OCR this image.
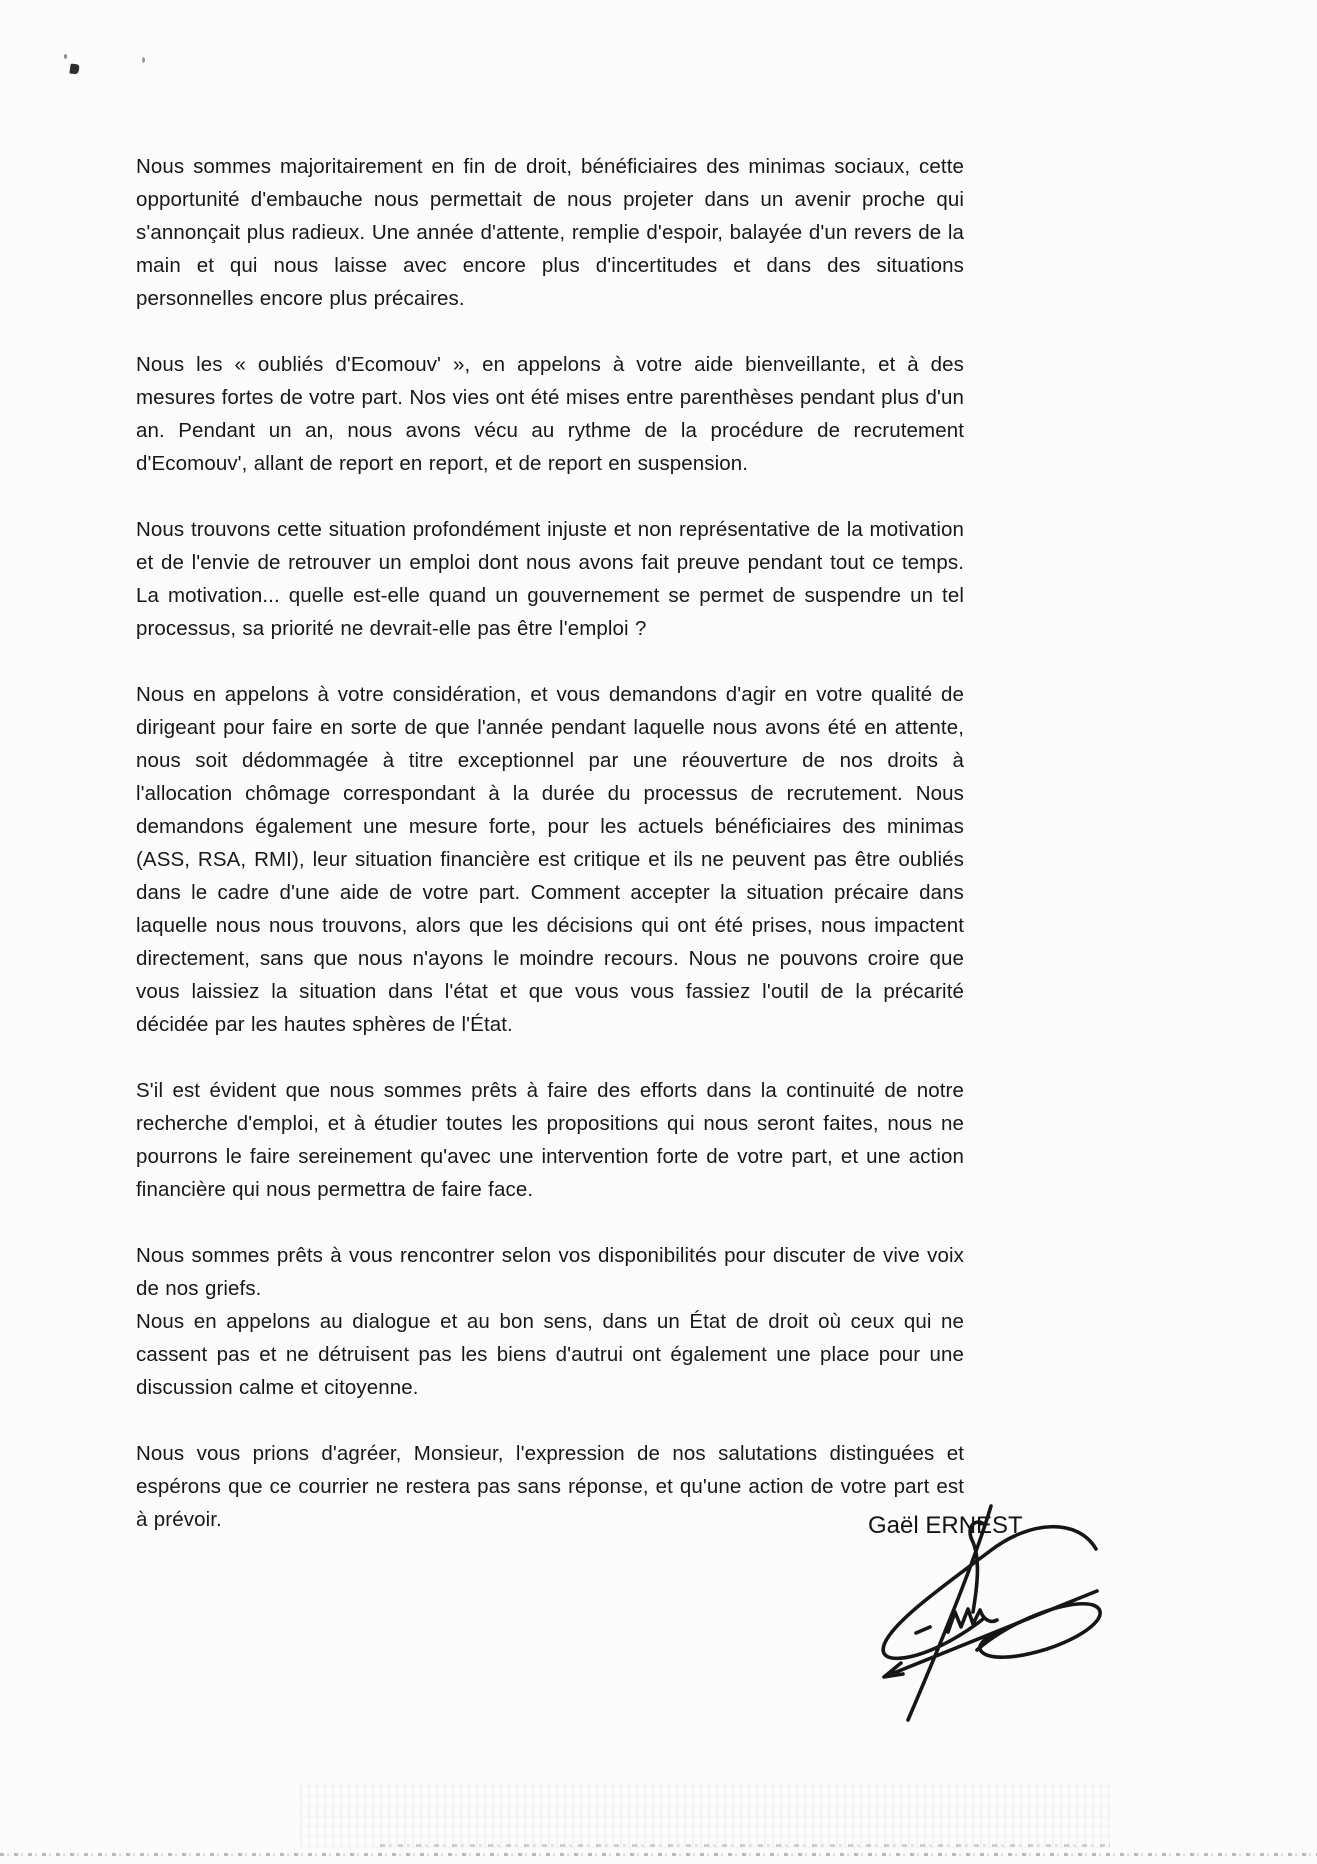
Nous sommes majoritairement en fin de droit, bénéficiaires des minimas sociaux, cette opportunité d'embauche nous permettait de nous projeter dans un avenir proche qui s'annonçait plus radieux. Une année d'attente, remplie d'espoir, balayée d'un revers de la main et qui nous laisse avec encore plus d'incertitudes et dans des situations personnelles encore plus précaires.

Nous les « oubliés d'Ecomouv' », en appelons à votre aide bienveillante, et à des mesures fortes de votre part. Nos vies ont été mises entre parenthèses pendant plus d'un an. Pendant un an, nous avons vécu au rythme de la procédure de recrutement d'Ecomouv', allant de report en report, et de report en suspension.

Nous trouvons cette situation profondément injuste et non représentative de la motivation et de l'envie de retrouver un emploi dont nous avons fait preuve pendant tout ce temps. La motivation... quelle est-elle quand un gouvernement se permet de suspendre un tel processus, sa priorité ne devrait-elle pas être l'emploi ?

Nous en appelons à votre considération, et vous demandons d'agir en votre qualité de dirigeant pour faire en sorte de que l'année pendant laquelle nous avons été en attente, nous soit dédommagée à titre exceptionnel par une réouverture de nos droits à l'allocation chômage correspondant à la durée du processus de recrutement. Nous demandons également une mesure forte, pour les actuels bénéficiaires des minimas (ASS, RSA, RMI), leur situation financière est critique et ils ne peuvent pas être oubliés dans le cadre d'une aide de votre part. Comment accepter la situation précaire dans laquelle nous nous trouvons, alors que les décisions qui ont été prises, nous impactent directement, sans que nous n'ayons le moindre recours. Nous ne pouvons croire que vous laissiez la situation dans l'état et que vous vous fassiez l'outil de la précarité décidée par les hautes sphères de l'État.

S'il est évident que nous sommes prêts à faire des efforts dans la continuité de notre recherche d'emploi, et à étudier toutes les propositions qui nous seront faites, nous ne pourrons le faire sereinement qu'avec une intervention forte de votre part, et une action financière qui nous permettra de faire face.

Nous sommes prêts à vous rencontrer selon vos disponibilités pour discuter de vive voix de nos griefs.

Nous en appelons au dialogue et au bon sens, dans un État de droit où ceux qui ne cassent pas et ne détruisent pas les biens d'autrui ont également une place pour une discussion calme et citoyenne.

Nous vous prions d'agréer, Monsieur, l'expression de nos salutations distinguées et espérons que ce courrier ne restera pas sans réponse, et qu'une action de votre part est à prévoir.	Gaël ERNEST
